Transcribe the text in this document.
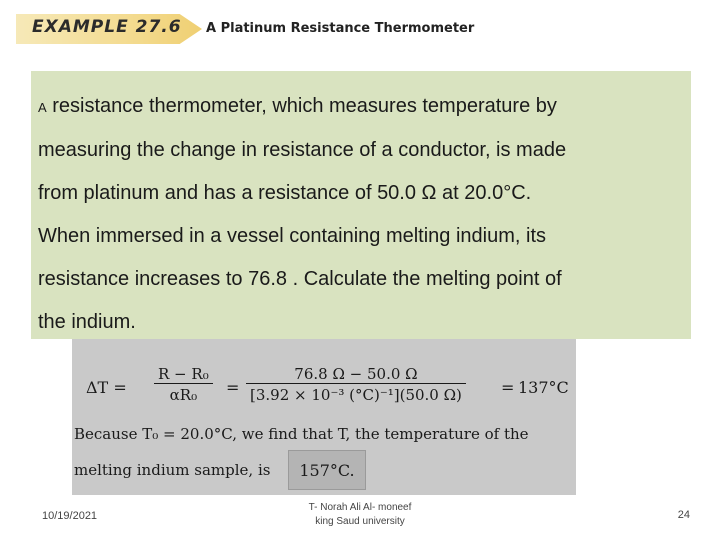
EXAMPLE 27.6 A Platinum Resistance Thermometer
A resistance thermometer, which measures temperature by
measuring the change in resistance of a conductor, is made
from platinum and has a resistance of 50.0 Ω at 20.0°C.
When immersed in a vessel containing melting indium, its
resistance increases to 76.8 . Calculate the melting point of
the indium.
$\Delta T = \frac{\text{R − R₀}}{\text{αR₀}} = \frac{76.8 \Omega - 50.0 \Omega}{\text{[3.92 × 10⁻³ (°C)⁻¹](50.0 Ω)}} = 137^\circ C$
Because T₀ = 20.0°C, we find that T, the temperature of the
melting indium sample, is	157°C.
10/19/2021
T- Norah Ali Al- moneef
king Saud university
24
